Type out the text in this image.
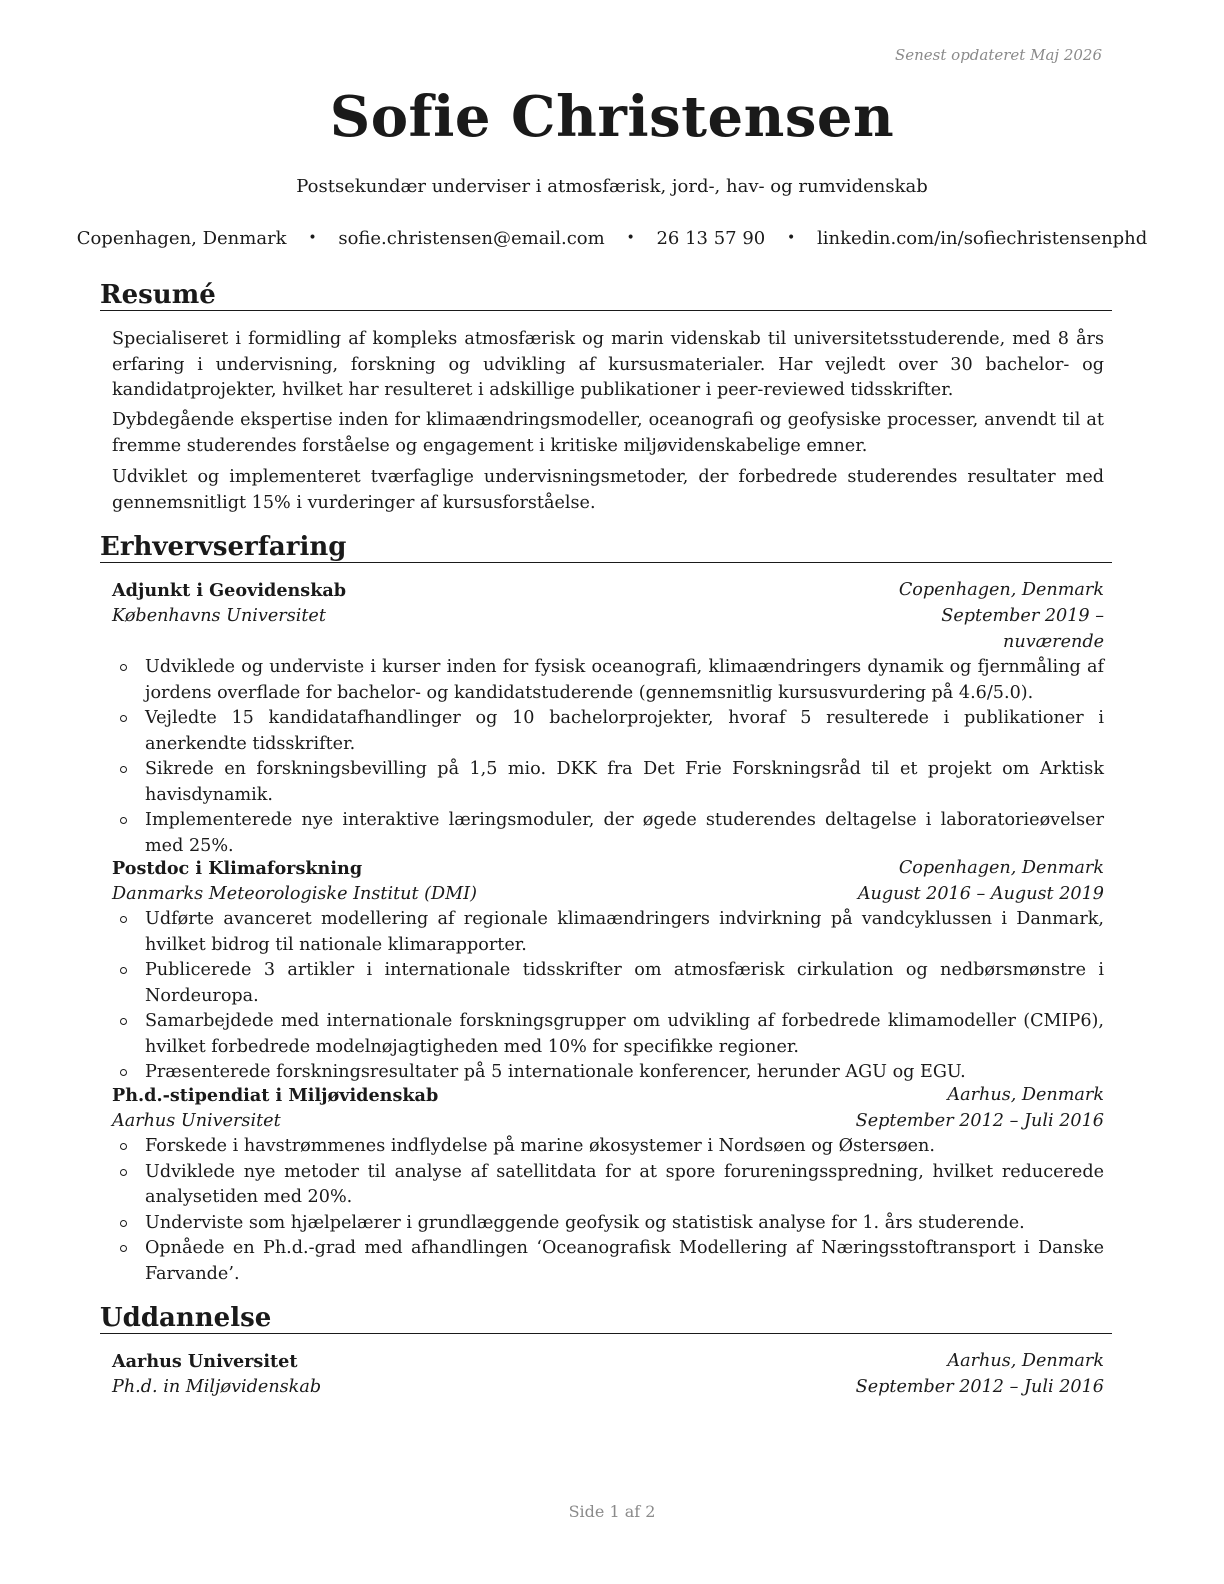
Senest opdateret Maj 2026
Sofie Christensen
Postsekundær underviser i atmosfærisk, jord-, hav- og rumvidenskab
Copenhagen, Denmark • sofie.christensen@email.com • 26 13 57 90 • linkedin.com/in/sofiechristensenphd
Resumé

Specialiseret i formidling af kompleks atmosfærisk og marin videnskab til universitetsstuderende, med 8 års erfaring i undervisning, forskning og udvikling af kursusmaterialer. Har vejledt over 30 bachelor- og kandidatprojekter, hvilket har resulteret i adskillige publikationer i peer-reviewed tidsskrifter.

Dybdegående ekspertise inden for klimaændringsmodeller, oceanografi og geofysiske processer, anvendt til at fremme studerendes forståelse og engagement i kritiske miljøvidenskabelige emner.

Udviklet og implementeret tværfaglige undervisningsmetoder, der forbedrede studerendes resultater med gennemsnitligt 15% i vurderinger af kursusforståelse.

Erhvervserfaring
Adjunkt i Geovidenskab	Copenhagen, Denmark
Københavns Universitet	September 2019 – nuværende
Udviklede og underviste i kurser inden for fysisk oceanografi, klimaændringers dynamik og fjernmåling af jordens overflade for bachelor- og kandidatstuderende (gennemsnitlig kursusvurdering på 4.6/5.0).
Vejledte 15 kandidatafhandlinger og 10 bachelorprojekter, hvoraf 5 resulterede i publikationer i anerkendte tidsskrifter.
Sikrede en forskningsbevilling på 1,5 mio. DKK fra Det Frie Forskningsråd til et projekt om Arktisk havisdynamik.
Implementerede nye interaktive læringsmoduler, der øgede studerendes deltagelse i laboratorieøvelser med 25%.
Postdoc i Klimaforskning	Copenhagen, Denmark
Danmarks Meteorologiske Institut (DMI)	August 2016 – August 2019
Udførte avanceret modellering af regionale klimaændringers indvirkning på vandcyklussen i Danmark, hvilket bidrog til nationale klimarapporter.
Publicerede 3 artikler i internationale tidsskrifter om atmosfærisk cirkulation og nedbørsmønstre i Nordeuropa.
Samarbejdede med internationale forskningsgrupper om udvikling af forbedrede klimamodeller (CMIP6), hvilket forbedrede modelnøjagtigheden med 10% for specifikke regioner.
Præsenterede forskningsresultater på 5 internationale konferencer, herunder AGU og EGU.
Ph.d.-stipendiat i Miljøvidenskab	Aarhus, Denmark
Aarhus Universitet	September 2012 – Juli 2016
Forskede i havstrømmenes indflydelse på marine økosystemer i Nordsøen og Østersøen.
Udviklede nye metoder til analyse af satellitdata for at spore forureningsspredning, hvilket reducerede analysetiden med 20%.
Underviste som hjælpelærer i grundlæggende geofysik og statistisk analyse for 1. års studerende.
Opnåede en Ph.d.-grad med afhandlingen ‘Oceanografisk Modellering af Næringsstoftransport i Danske Farvande’.
Uddannelse
Aarhus Universitet	Aarhus, Denmark
Ph.d. in Miljøvidenskab	September 2012 – Juli 2016
Side 1 af 2
